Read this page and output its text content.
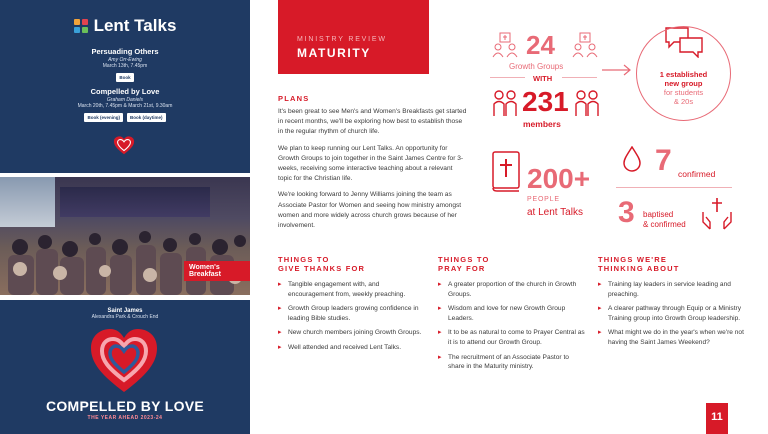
Lent Talks
Persuading Others
Amy Orr-Ewing
March 13th, 7.45pm
Book
Compelled by Love
Graham Daniels
March 20th, 7.45pm & March 21st, 9.30am
Book (evening)	Book (daytime)
Women's Breakfast
Saint James
Alexandra Park & Crouch End
COMPELLED BY LOVE
THE YEAR AHEAD 2023-24
MINISTRY REVIEW
MATURITY
PLANS

It's been great to see Men's and Women's Breakfasts get started in recent months, we'll be exploring how best to establish those in the regular rhythm of church life.

We plan to keep running our Lent Talks. An opportunity for Growth Groups to join together in the Saint James Centre for 3-weeks, receiving some interactive teaching about a relevant topic for the Christian life.

We're looking forward to Jenny Williams joining the team as Associate Pastor for Women and seeing how ministry amongst women and more widely across church grows because of her involvement.

24
Growth Groups
WITH
231
members
1 established
new group
for students
& 20s
200+
PEOPLE
at Lent Talks
7 confirmed
3 baptised
& confirmed
THINGS TO
GIVE THANKS FOR
▸ Tangible engagement with, and encouragement from, weekly preaching.
▸ Growth Group leaders growing confidence in leading Bible studies.
▸ New church members joining Growth Groups.
▸ Well attended and received Lent Talks.
THINGS TO
PRAY FOR
▸ A greater proportion of the church in Growth Groups.
▸ Wisdom and love for new Growth Group Leaders.
▸ It to be as natural to come to Prayer Central as it is to attend our Growth Group.
▸ The recruitment of an Associate Pastor to share in the Maturity ministry.
THINGS WE'RE
THINKING ABOUT
▸ Training lay leaders in service leading and preaching.
▸ A clearer pathway through Equip or a Ministry Training group into Growth Group leadership.
▸ What might we do in the year's when we're not having the Saint James Weekend?
11
